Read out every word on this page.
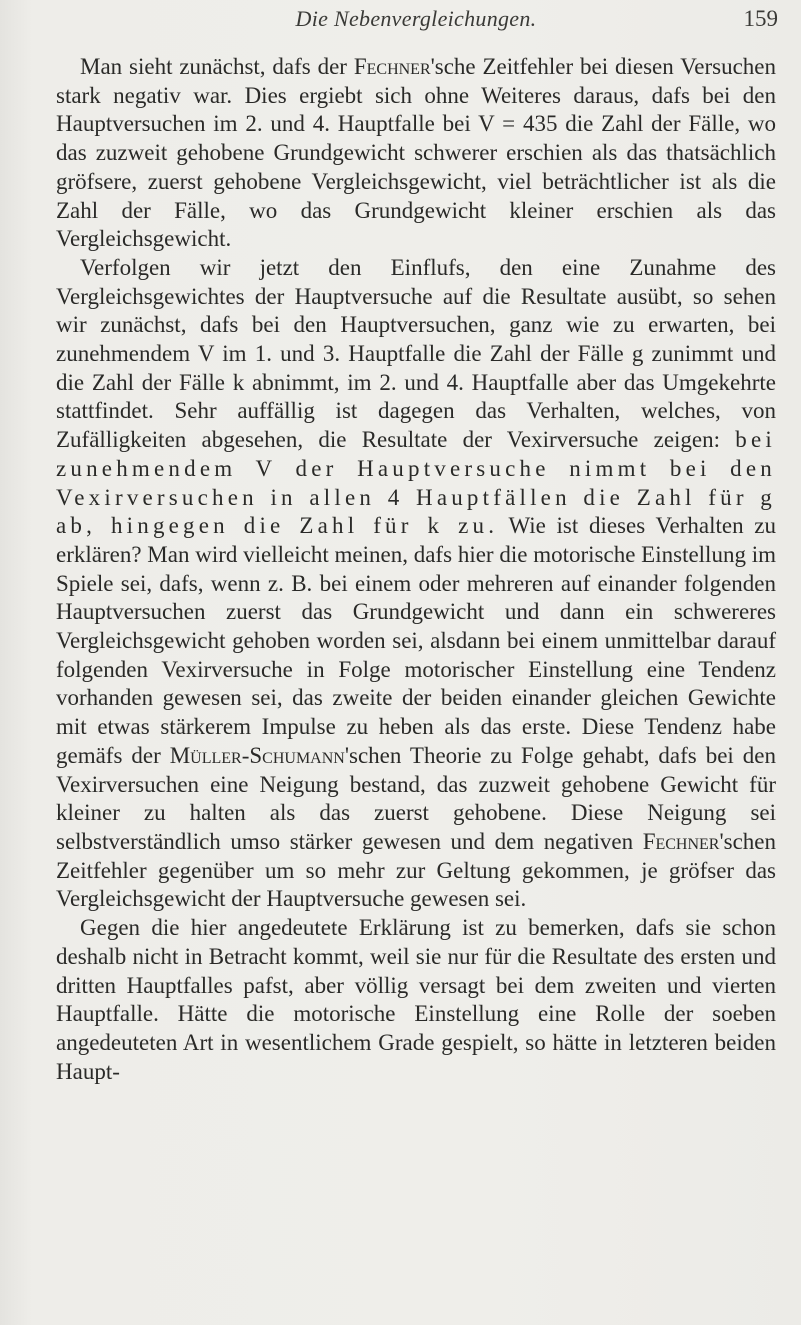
Die Nebenvergleichungen.	159

Man sieht zunächst, dafs der Fechner'sche Zeitfehler bei diesen Versuchen stark negativ war. Dies ergiebt sich ohne Weiteres daraus, dafs bei den Hauptversuchen im 2. und 4. Hauptfalle bei V = 435 die Zahl der Fälle, wo das zuzweit gehobene Grundgewicht schwerer erschien als das thatsächlich gröfsere, zuerst gehobene Vergleichsgewicht, viel beträchtlicher ist als die Zahl der Fälle, wo das Grundgewicht kleiner erschien als das Vergleichsgewicht.

Verfolgen wir jetzt den Einflufs, den eine Zunahme des Vergleichsgewichtes der Hauptversuche auf die Resultate ausübt, so sehen wir zunächst, dafs bei den Hauptversuchen, ganz wie zu erwarten, bei zunehmendem V im 1. und 3. Hauptfalle die Zahl der Fälle g zunimmt und die Zahl der Fälle k abnimmt, im 2. und 4. Hauptfalle aber das Umgekehrte stattfindet. Sehr auffällig ist dagegen das Verhalten, welches, von Zufälligkeiten abgesehen, die Resultate der Vexirversuche zeigen: bei zunehmendem V der Hauptversuche nimmt bei den Vexirversuchen in allen 4 Hauptfällen die Zahl für g ab, hingegen die Zahl für k zu. Wie ist dieses Verhalten zu erklären? Man wird vielleicht meinen, dafs hier die motorische Einstellung im Spiele sei, dafs, wenn z. B. bei einem oder mehreren auf einander folgenden Hauptversuchen zuerst das Grundgewicht und dann ein schwereres Vergleichsgewicht gehoben worden sei, alsdann bei einem unmittelbar darauf folgenden Vexirversuche in Folge motorischer Einstellung eine Tendenz vorhanden gewesen sei, das zweite der beiden einander gleichen Gewichte mit etwas stärkerem Impulse zu heben als das erste. Diese Tendenz habe gemäfs der Müller-Schumann'schen Theorie zu Folge gehabt, dafs bei den Vexirversuchen eine Neigung bestand, das zuzweit gehobene Gewicht für kleiner zu halten als das zuerst gehobene. Diese Neigung sei selbstverständlich umso stärker gewesen und dem negativen Fechner'schen Zeitfehler gegenüber um so mehr zur Geltung gekommen, je gröfser das Vergleichsgewicht der Hauptversuche gewesen sei.

Gegen die hier angedeutete Erklärung ist zu bemerken, dafs sie schon deshalb nicht in Betracht kommt, weil sie nur für die Resultate des ersten und dritten Hauptfalles pafst, aber völlig versagt bei dem zweiten und vierten Hauptfalle. Hätte die motorische Einstellung eine Rolle der soeben angedeuteten Art in wesentlichem Grade gespielt, so hätte in letzteren beiden Haupt-
